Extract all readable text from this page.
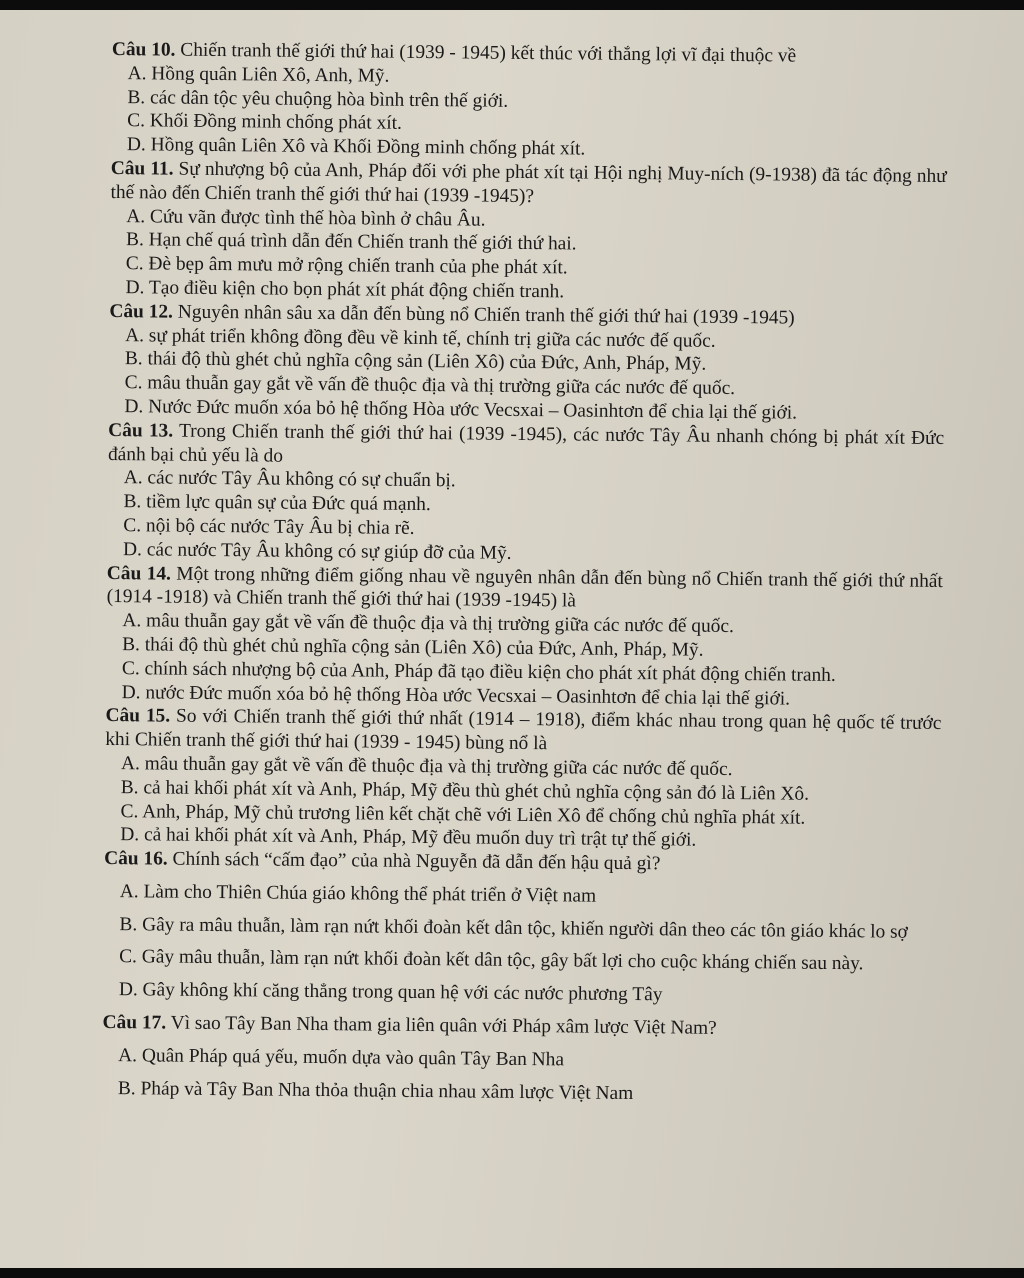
Câu 10. Chiến tranh thế giới thứ hai (1939 - 1945) kết thúc với thắng lợi vĩ đại thuộc về

A. Hồng quân Liên Xô, Anh, Mỹ.

B. các dân tộc yêu chuộng hòa bình trên thế giới.

C. Khối Đồng minh chống phát xít.

D. Hồng quân Liên Xô và Khối Đồng minh chống phát xít.

Câu 11. Sự nhượng bộ của Anh, Pháp đối với phe phát xít tại Hội nghị Muy-ních (9-1938) đã tác động như thế nào đến Chiến tranh thế giới thứ hai (1939 -1945)?

A. Cứu vãn được tình thế hòa bình ở châu Âu.

B. Hạn chế quá trình dẫn đến Chiến tranh thế giới thứ hai.

C. Đè bẹp âm mưu mở rộng chiến tranh của phe phát xít.

D. Tạo điều kiện cho bọn phát xít phát động chiến tranh.

Câu 12. Nguyên nhân sâu xa dẫn đến bùng nổ Chiến tranh thế giới thứ hai (1939 -1945)

A. sự phát triển không đồng đều về kinh tế, chính trị giữa các nước đế quốc.

B. thái độ thù ghét chủ nghĩa cộng sản (Liên Xô) của Đức, Anh, Pháp, Mỹ.

C. mâu thuẫn gay gắt về vấn đề thuộc địa và thị trường giữa các nước đế quốc.

D. Nước Đức muốn xóa bỏ hệ thống Hòa ước Vecsxai – Oasinhtơn để chia lại thế giới.

Câu 13. Trong Chiến tranh thế giới thứ hai (1939 -1945), các nước Tây Âu nhanh chóng bị phát xít Đức đánh bại chủ yếu là do

A. các nước Tây Âu không có sự chuẩn bị.

B. tiềm lực quân sự của Đức quá mạnh.

C. nội bộ các nước Tây Âu bị chia rẽ.

D. các nước Tây Âu không có sự giúp đỡ của Mỹ.

Câu 14. Một trong những điểm giống nhau về nguyên nhân dẫn đến bùng nổ Chiến tranh thế giới thứ nhất (1914 -1918) và Chiến tranh thế giới thứ hai (1939 -1945) là

A. mâu thuẫn gay gắt về vấn đề thuộc địa và thị trường giữa các nước đế quốc.

B. thái độ thù ghét chủ nghĩa cộng sản (Liên Xô) của Đức, Anh, Pháp, Mỹ.

C. chính sách nhượng bộ của Anh, Pháp đã tạo điều kiện cho phát xít phát động chiến tranh.

D. nước Đức muốn xóa bỏ hệ thống Hòa ước Vecsxai – Oasinhtơn để chia lại thế giới.

Câu 15. So với Chiến tranh thế giới thứ nhất (1914 – 1918), điểm khác nhau trong quan hệ quốc tế trước khi Chiến tranh thế giới thứ hai (1939 - 1945) bùng nổ là

A. mâu thuẫn gay gắt về vấn đề thuộc địa và thị trường giữa các nước đế quốc.

B. cả hai khối phát xít và Anh, Pháp, Mỹ đều thù ghét chủ nghĩa cộng sản đó là Liên Xô.

C. Anh, Pháp, Mỹ chủ trương liên kết chặt chẽ với Liên Xô để chống chủ nghĩa phát xít.

D. cả hai khối phát xít và Anh, Pháp, Mỹ đều muốn duy trì trật tự thế giới.

Câu 16. Chính sách “cấm đạo” của nhà Nguyễn đã dẫn đến hậu quả gì?

A. Làm cho Thiên Chúa giáo không thể phát triển ở Việt nam

B. Gây ra mâu thuẫn, làm rạn nứt khối đoàn kết dân tộc, khiến người dân theo các tôn giáo khác lo sợ

C. Gây mâu thuẫn, làm rạn nứt khối đoàn kết dân tộc, gây bất lợi cho cuộc kháng chiến sau này.

D. Gây không khí căng thẳng trong quan hệ với các nước phương Tây

Câu 17. Vì sao Tây Ban Nha tham gia liên quân với Pháp xâm lược Việt Nam?

A. Quân Pháp quá yếu, muốn dựa vào quân Tây Ban Nha

B. Pháp và Tây Ban Nha thỏa thuận chia nhau xâm lược Việt Nam
